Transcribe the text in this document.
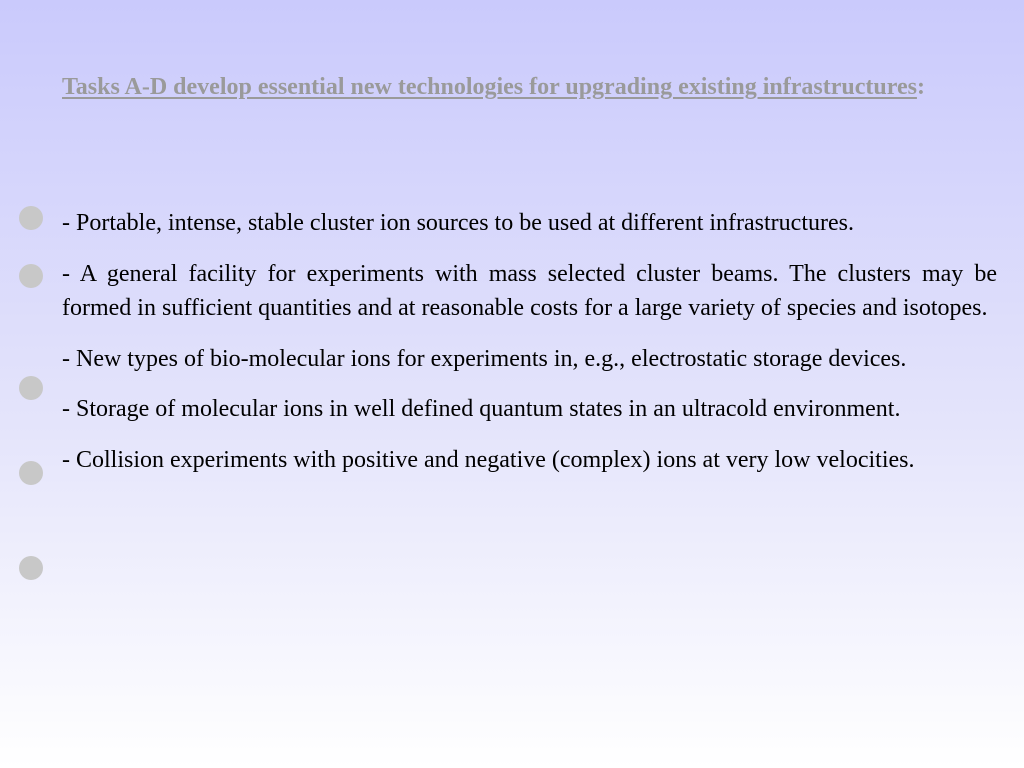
Tasks A-D develop essential new technologies for upgrading existing infrastructures:

- Portable, intense, stable cluster ion sources to be used at different infrastructures.
- A general facility for experiments with mass selected cluster beams. The clusters may be formed in sufficient quantities and at reasonable costs for a large variety of species and isotopes.
- New types of bio-molecular ions for experiments in, e.g., electrostatic storage devices.
- Storage of molecular ions in well defined quantum states in an ultracold environment.
- Collision experiments with positive and negative (complex) ions at very low velocities.
